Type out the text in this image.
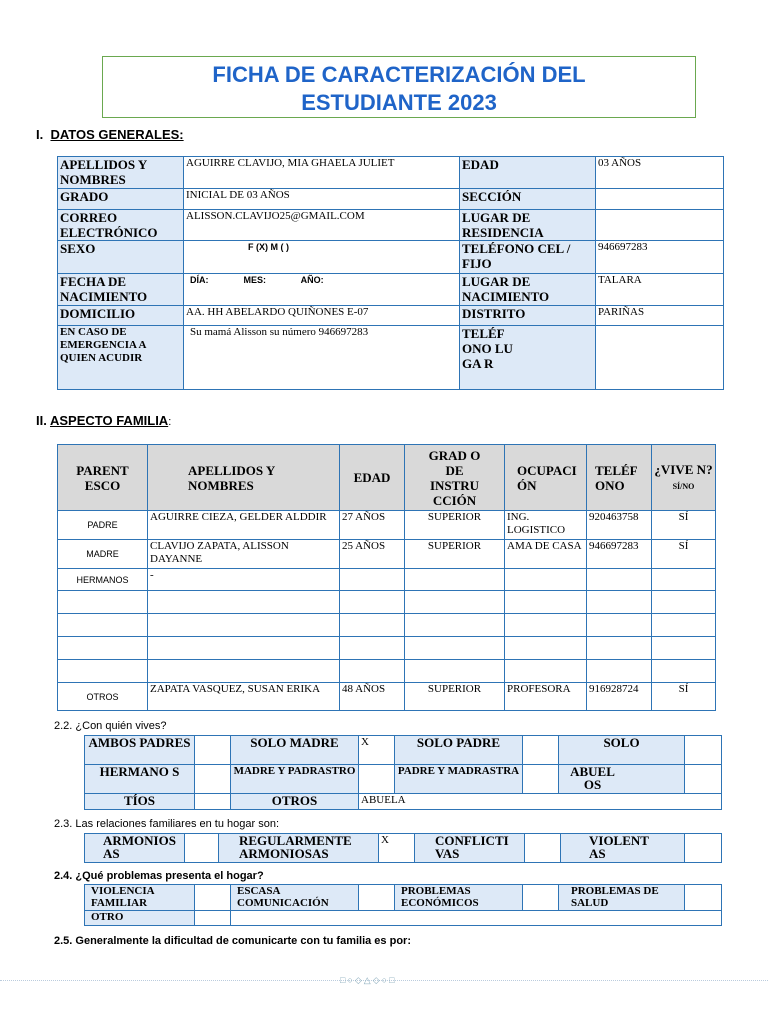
FICHA DE CARACTERIZACIÓN DEL
ESTUDIANTE 2023
I. DATOS GENERALES:
APELLIDOS Y NOMBRES	AGUIRRE CLAVIJO, MIA GHAELA JULIET	EDAD	03 AÑOS
GRADO	INICIAL DE 03 AÑOS	SECCIÓN	
CORREO ELECTRÓNICO	ALISSON.CLAVIJO25@GMAIL.COM	LUGAR DE RESIDENCIA	
SEXO	F (X) M ( )	TELÉFONO CEL / FIJO	946697283
FECHA DE NACIMIENTO	DÍA:              MES:              AÑO:	LUGAR DE NACIMIENTO	TALARA
DOMICILIO	AA. HH ABELARDO QUIÑONES E-07	DISTRITO	PARIÑAS
EN CASO DE EMERGENCIA A QUIEN ACUDIR	Su mamá Alisson su número 946697283	TELÉF ONO LUGA R	
II. ASPECTO FAMILIA:
PARENT ESCO	APELLIDOS Y NOMBRES	EDAD	GRAD O DE INSTRU CCIÓN	OCUPACI ÓN	TELÉF ONO	¿VIVE N?
SÍ/NO
PADRE	AGUIRRE CIEZA, GELDER ALDDIR	27 AÑOS	SUPERIOR	ING. LOGISTICO	920463758	SÍ
MADRE	CLAVIJO ZAPATA, ALISSON DAYANNE	25 AÑOS	SUPERIOR	AMA DE CASA	946697283	SÍ
HERMANOS	-					

OTROS	ZAPATA VASQUEZ, SUSAN ERIKA	48 AÑOS	SUPERIOR	PROFESORA	916928724	SÍ
2.2. ¿Con quién vives?
AMBOS PADRES		SOLO MADRE	X	SOLO PADRE		SOLO	
HERMANO S		MADRE Y PADRASTRO		PADRE Y MADRASTRA		ABUEL OS	
TÍOS		OTROS	ABUELA				
2.3. Las relaciones familiares en tu hogar son:
ARMONIOS AS		REGULARMENTE ARMONIOSAS	X	CONFLICTI VAS		VIOLENT AS	
2.4. ¿Qué problemas presenta el hogar?
VIOLENCIA FAMILIAR		ESCASA COMUNICACIÓN		PROBLEMAS ECONÓMICOS		PROBLEMAS DE SALUD	
OTRO							
2.5. Generalmente la dificultad de comunicarte con tu familia es por:
□○◇△◇○□
